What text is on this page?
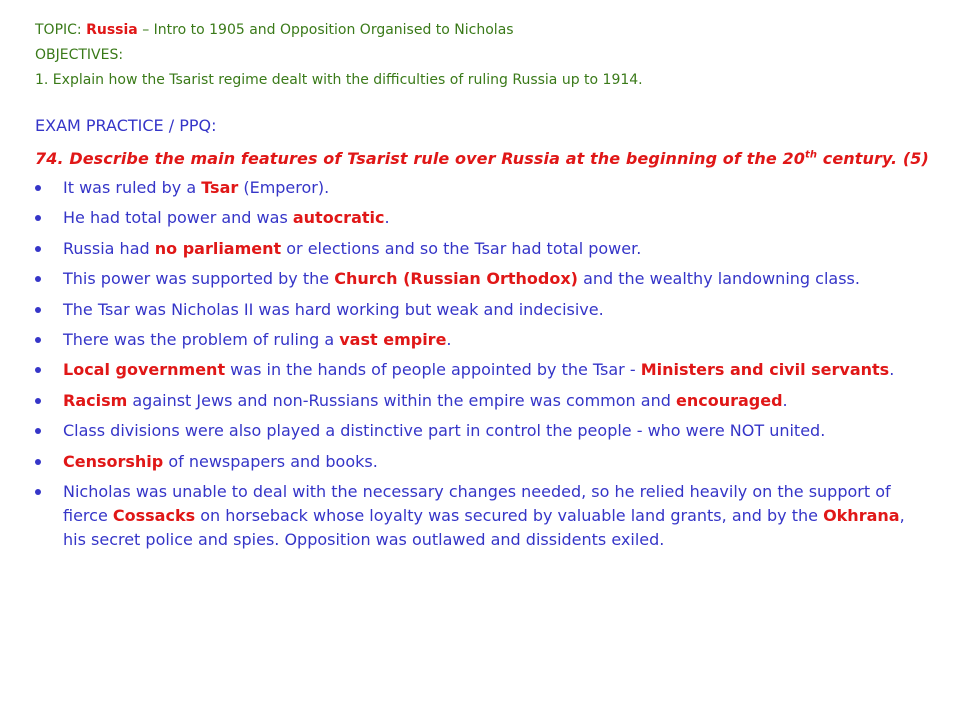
TOPIC: Russia – Intro to 1905 and Opposition Organised to Nicholas

OBJECTIVES:

1. Explain how the Tsarist regime dealt with the difficulties of ruling Russia up to 1914.

EXAM PRACTICE / PPQ:
74. Describe the main features of Tsarist rule over Russia at the beginning of the 20th century. (5)
It was ruled by a Tsar (Emperor).
He had total power and was autocratic.
Russia had no parliament or elections and so the Tsar had total power.
This power was supported by the Church (Russian Orthodox) and the wealthy landowning class.
The Tsar was Nicholas II was hard working but weak and indecisive.
There was the problem of ruling a vast empire.
Local government was in the hands of people appointed by the Tsar - Ministers and civil servants.
Racism against Jews and non-Russians within the empire was common and encouraged.
Class divisions were also played a distinctive part in control the people - who were NOT united.
Censorship of newspapers and books.
Nicholas was unable to deal with the necessary changes needed, so he relied heavily on the support of fierce Cossacks on horseback whose loyalty was secured by valuable land grants, and by the Okhrana, his secret police and spies. Opposition was outlawed and dissidents exiled.
